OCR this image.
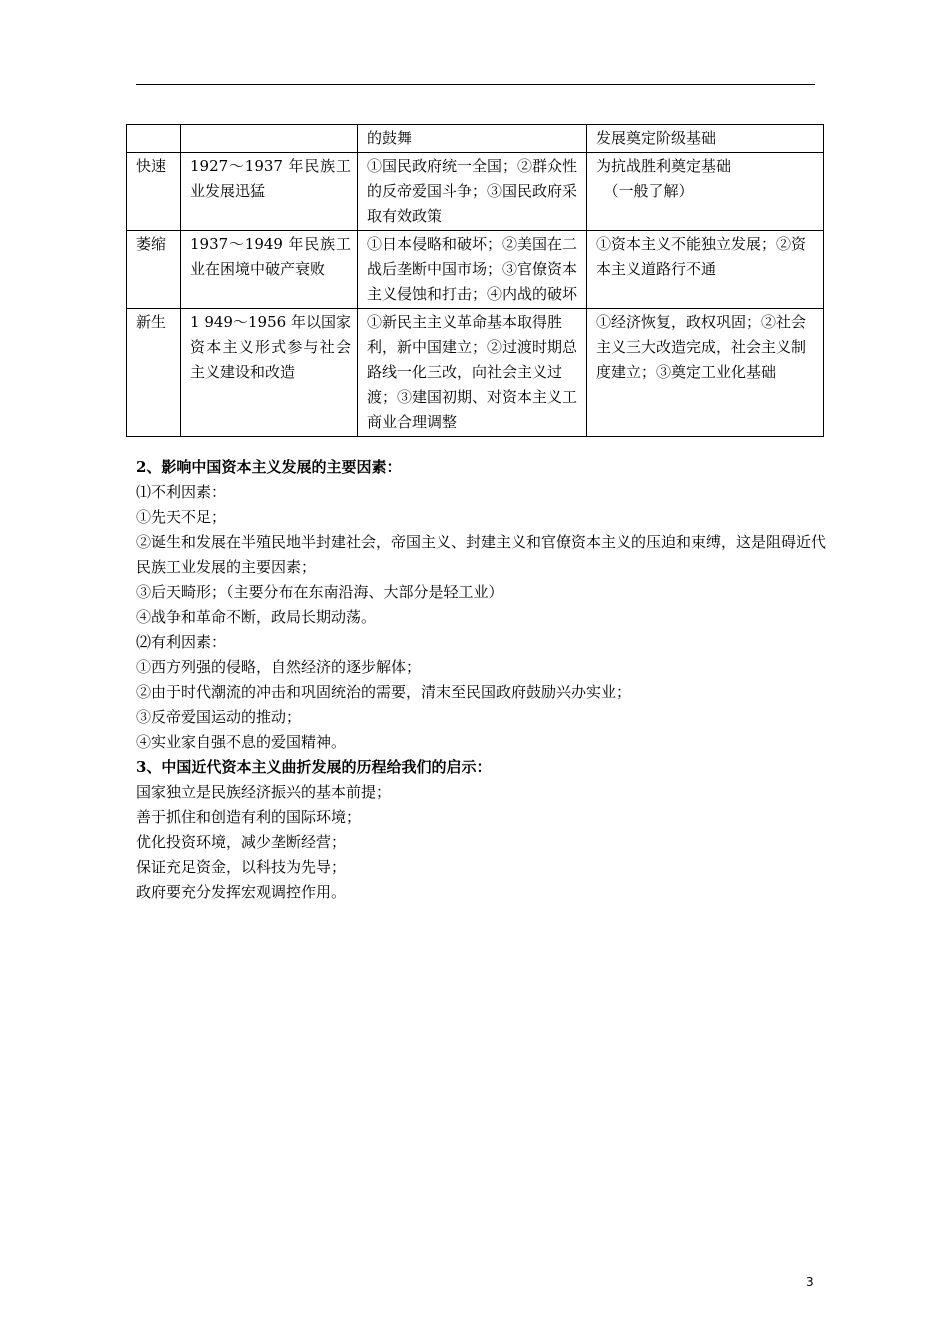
		的鼓舞	发展奠定阶级基础
快速	1927～1937 年民族工业发展迅猛	①国民政府统一全国；②群众性的反帝爱国斗争；③国民政府采取有效政策	为抗战胜利奠定基础
　（一般了解）
萎缩	1937～1949 年民族工业在困境中破产衰败	①日本侵略和破坏；②美国在二战后垄断中国市场；③官僚资本主义侵蚀和打击；④内战的破坏	①资本主义不能独立发展；②资本主义道路行不通
新生	1 949～1956 年以国家资本主义形式参与社会主义建设和改造	①新民主主义革命基本取得胜利，新中国建立；②过渡时期总路线一化三改，向社会主义过渡；③建国初期、对资本主义工商业合理调整	①经济恢复，政权巩固；②社会主义三大改造完成，社会主义制度建立；③奠定工业化基础

2、影响中国资本主义发展的主要因素：

⑴不利因素：

①先天不足；

②诞生和发展在半殖民地半封建社会，帝国主义、封建主义和官僚资本主义的压迫和束缚，这是阻碍近代民族工业发展的主要因素；

③后天畸形；（主要分布在东南沿海、大部分是轻工业）

④战争和革命不断，政局长期动荡。

⑵有利因素：

①西方列强的侵略，自然经济的逐步解体；

②由于时代潮流的冲击和巩固统治的需要，清末至民国政府鼓励兴办实业；

③反帝爱国运动的推动；

④实业家自强不息的爱国精神。

3、中国近代资本主义曲折发展的历程给我们的启示：

国家独立是民族经济振兴的基本前提；

善于抓住和创造有利的国际环境；

优化投资环境，减少垄断经营；

保证充足资金，以科技为先导；

政府要充分发挥宏观调控作用。

3
